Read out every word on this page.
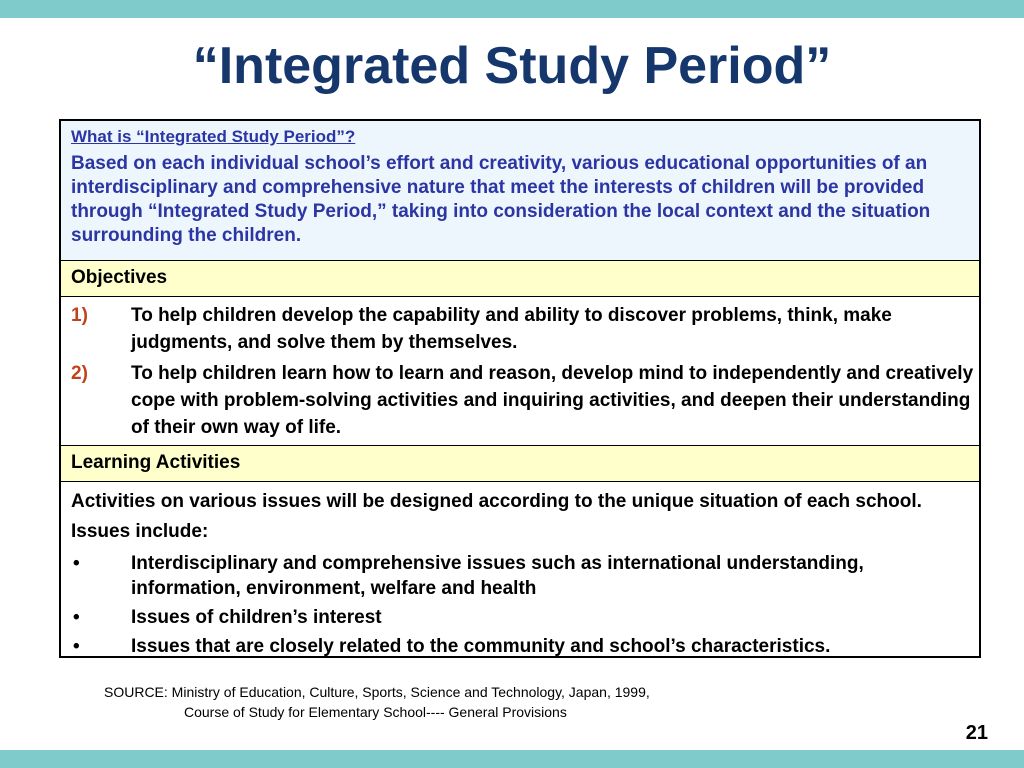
“Integrated Study Period”
What is “Integrated Study Period”?
Based on each individual school’s effort and creativity, various educational opportunities of an interdisciplinary and comprehensive nature that meet the interests of children will be provided through “Integrated Study Period,” taking into consideration the local context and the situation surrounding the children.
Objectives
1) To help children develop the capability and ability to discover problems, think, make judgments, and solve them by themselves.
2) To help children learn how to learn and reason, develop mind to independently and creatively cope with problem-solving activities and inquiring activities, and deepen their understanding of their own way of life.
Learning Activities
Activities on various issues will be designed according to the unique situation of each school. Issues include:
•	Interdisciplinary and comprehensive issues such as international understanding, information, environment, welfare and health
•	Issues of children’s interest
•	Issues that are closely related to the community and school’s characteristics.
SOURCE: Ministry of Education, Culture, Sports, Science and Technology, Japan, 1999,
Course of Study for Elementary School---- General Provisions
21
